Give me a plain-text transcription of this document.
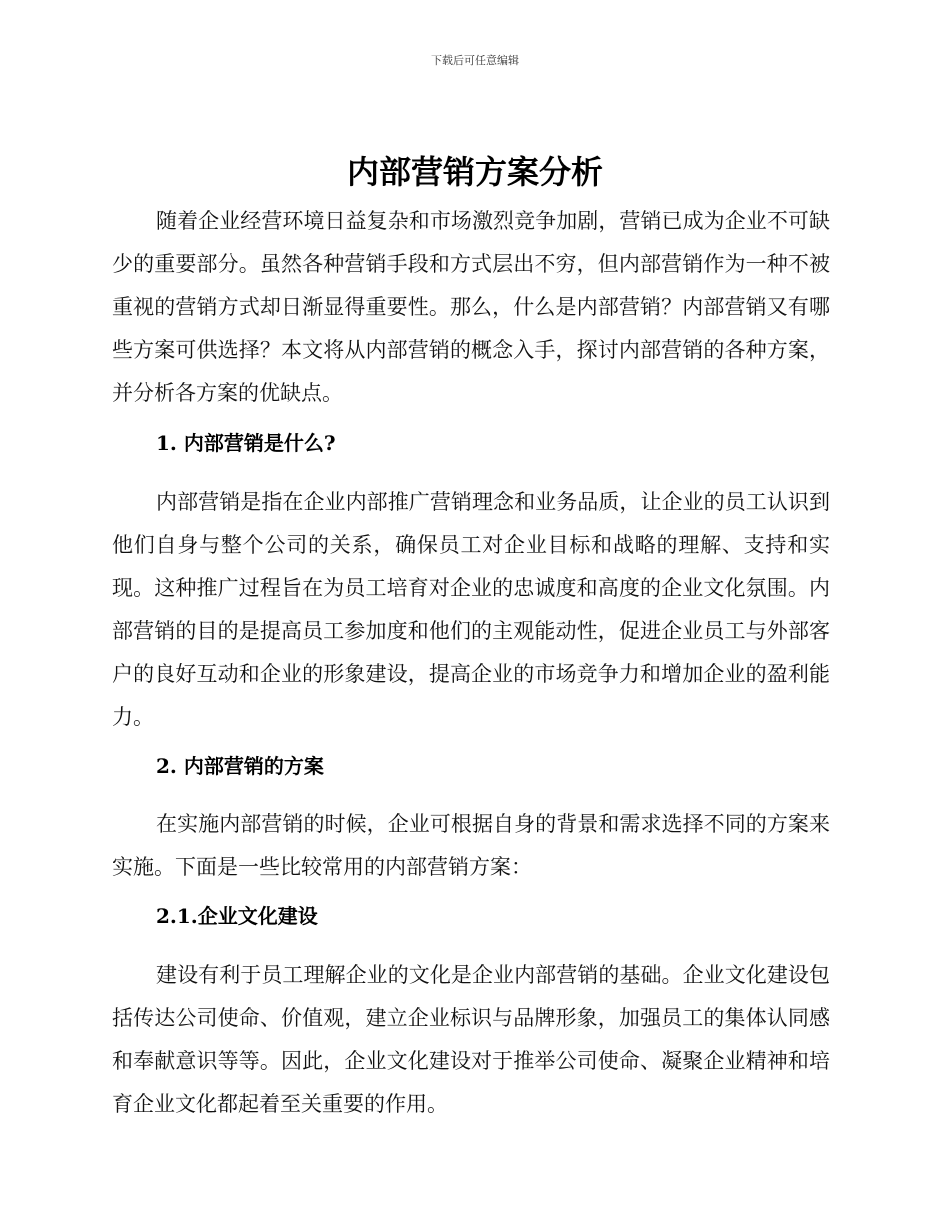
下载后可任意编辑
内部营销方案分析

随着企业经营环境日益复杂和市场激烈竞争加剧，营销已成为企业不可缺少的重要部分。虽然各种营销手段和方式层出不穷，但内部营销作为一种不被重视的营销方式却日渐显得重要性。那么，什么是内部营销？内部营销又有哪些方案可供选择？本文将从内部营销的概念入手，探讨内部营销的各种方案，并分析各方案的优缺点。

1. 内部营销是什么?

内部营销是指在企业内部推广营销理念和业务品质，让企业的员工认识到他们自身与整个公司的关系，确保员工对企业目标和战略的理解、支持和实现。这种推广过程旨在为员工培育对企业的忠诚度和高度的企业文化氛围。内部营销的目的是提高员工参加度和他们的主观能动性，促进企业员工与外部客户的良好互动和企业的形象建设，提高企业的市场竞争力和增加企业的盈利能力。

2. 内部营销的方案

在实施内部营销的时候，企业可根据自身的背景和需求选择不同的方案来实施。下面是一些比较常用的内部营销方案：

2.1.企业文化建设

建设有利于员工理解企业的文化是企业内部营销的基础。企业文化建设包括传达公司使命、价值观，建立企业标识与品牌形象，加强员工的集体认同感和奉献意识等等。因此，企业文化建设对于推举公司使命、凝聚企业精神和培育企业文化都起着至关重要的作用。
